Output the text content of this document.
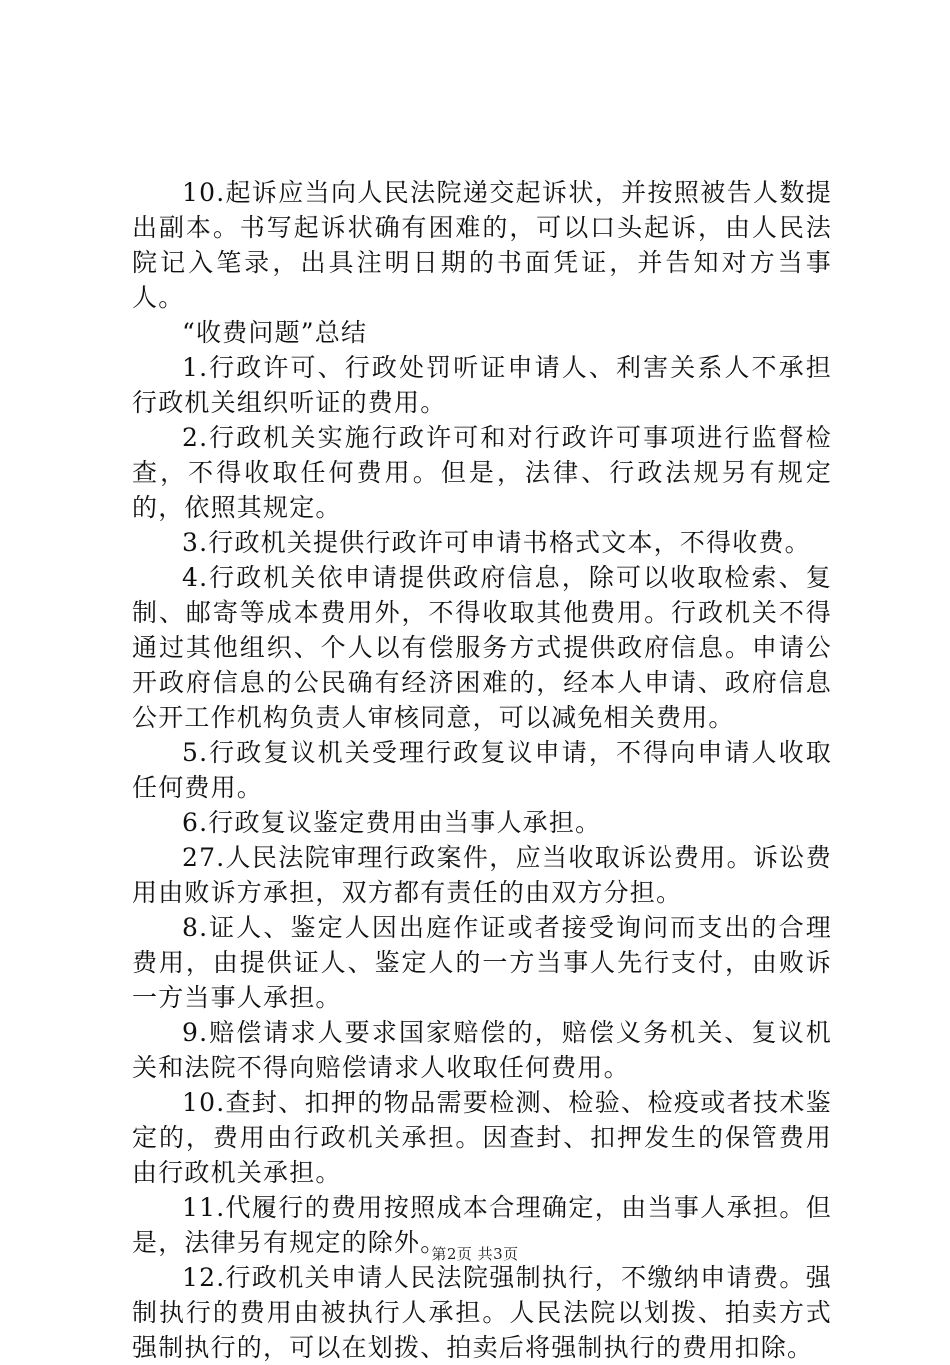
10.起诉应当向人民法院递交起诉状，并按照被告人数提出副本。书写起诉状确有困难的，可以口头起诉，由人民法院记入笔录，出具注明日期的书面凭证，并告知对方当事人。

“收费问题”总结

1.行政许可、行政处罚听证申请人、利害关系人不承担行政机关组织听证的费用。

2.行政机关实施行政许可和对行政许可事项进行监督检查，不得收取任何费用。但是，法律、行政法规另有规定的，依照其规定。

3.行政机关提供行政许可申请书格式文本，不得收费。

4.行政机关依申请提供政府信息，除可以收取检索、复制、邮寄等成本费用外，不得收取其他费用。行政机关不得通过其他组织、个人以有偿服务方式提供政府信息。申请公开政府信息的公民确有经济困难的，经本人申请、政府信息公开工作机构负责人审核同意，可以减免相关费用。

5.行政复议机关受理行政复议申请，不得向申请人收取任何费用。

6.行政复议鉴定费用由当事人承担。

27.人民法院审理行政案件，应当收取诉讼费用。诉讼费用由败诉方承担，双方都有责任的由双方分担。

8.证人、鉴定人因出庭作证或者接受询问而支出的合理费用，由提供证人、鉴定人的一方当事人先行支付，由败诉一方当事人承担。

9.赔偿请求人要求国家赔偿的，赔偿义务机关、复议机关和法院不得向赔偿请求人收取任何费用。

10.查封、扣押的物品需要检测、检验、检疫或者技术鉴定的，费用由行政机关承担。因查封、扣押发生的保管费用由行政机关承担。

11.代履行的费用按照成本合理确定，由当事人承担。但是，法律另有规定的除外。

12.行政机关申请人民法院强制执行，不缴纳申请费。强制执行的费用由被执行人承担。人民法院以划拨、拍卖方式强制执行的，可以在划拨、拍卖后将强制执行的费用扣除。

第2页 共3页
